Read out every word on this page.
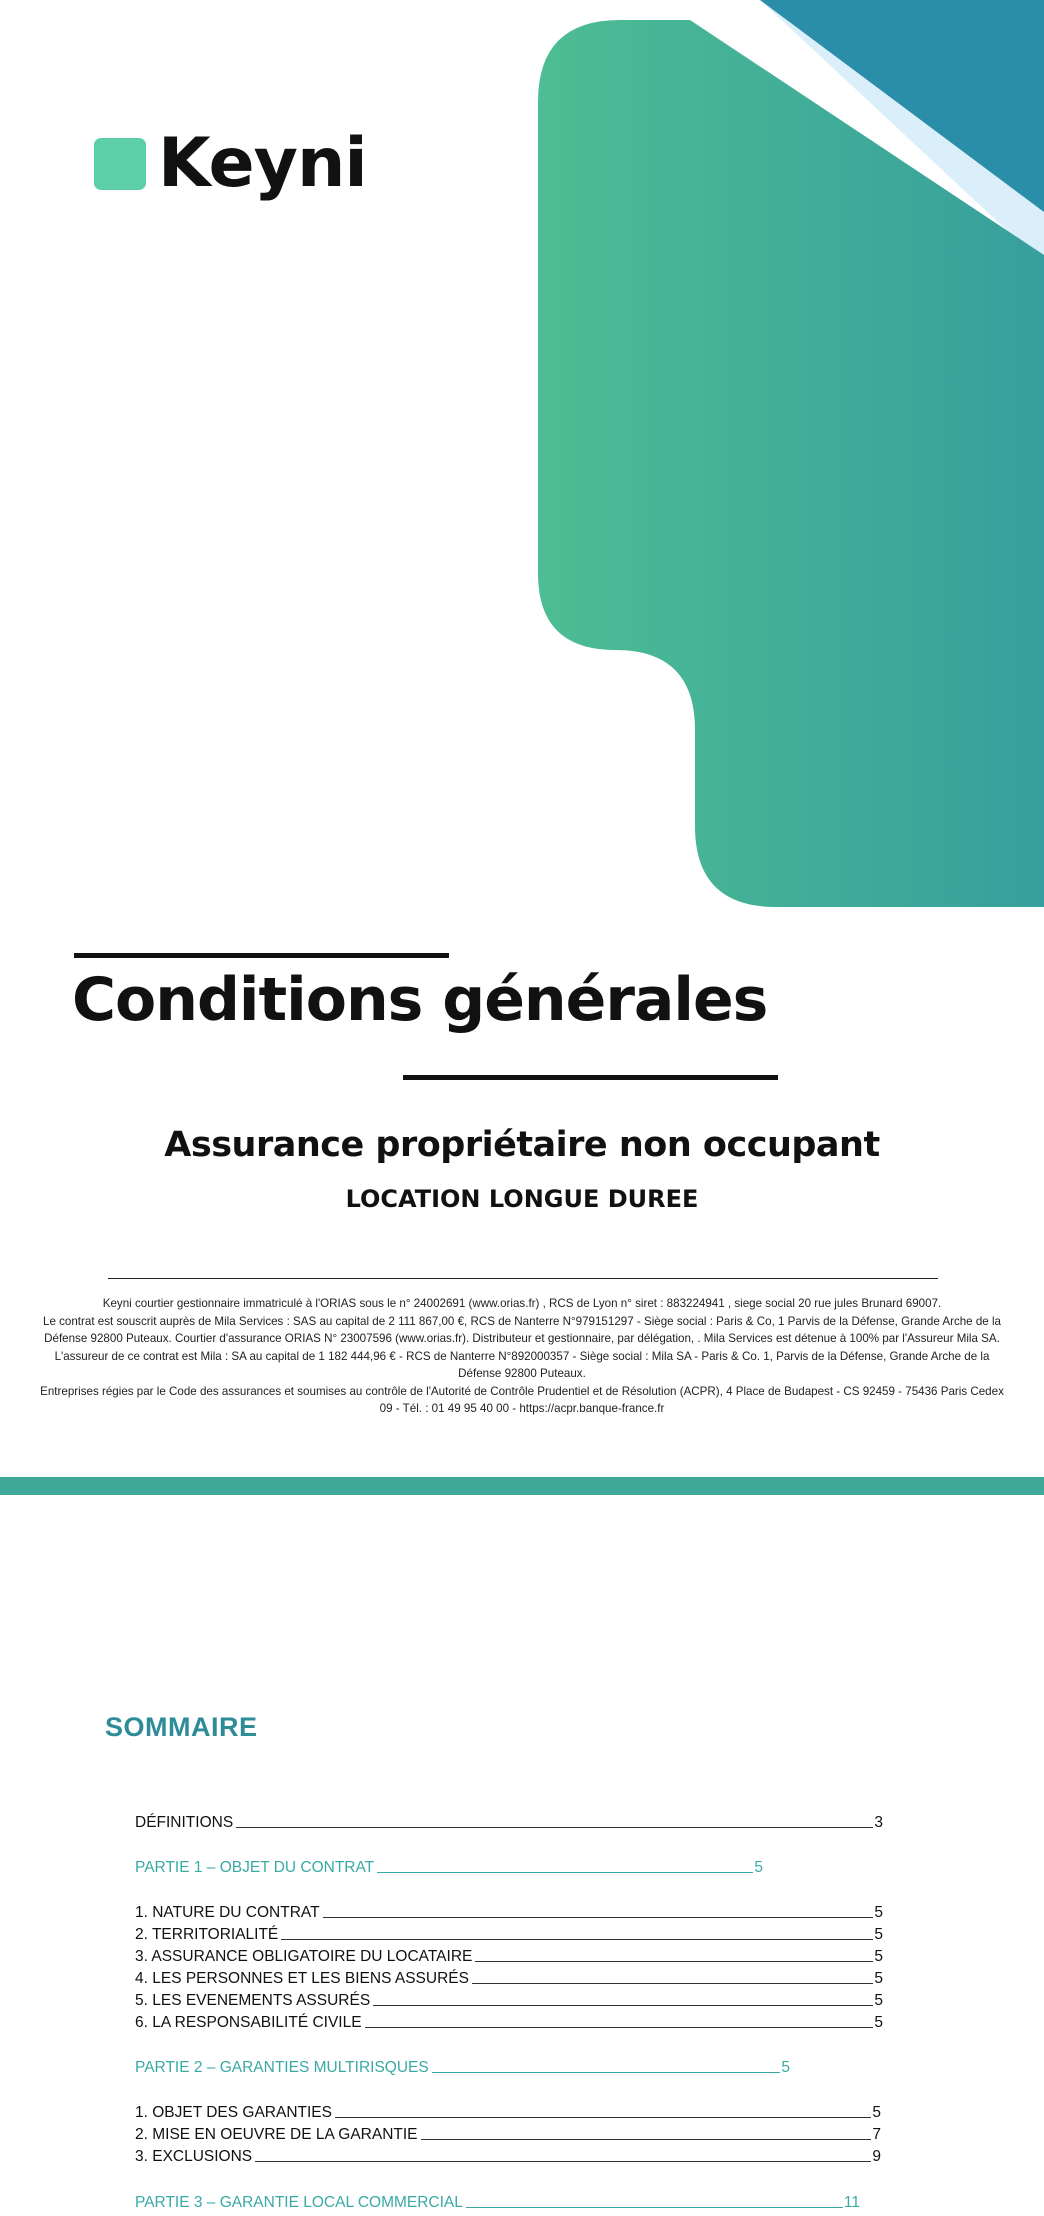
Keyni
Conditions générales
Assurance propriétaire non occupant
LOCATION LONGUE DUREE

Keyni courtier gestionnaire immatriculé à l'ORIAS sous le n° 24002691 (www.orias.fr) , RCS de Lyon n° siret : 883224941 , siege social 20 rue jules Brunard 69007.

Le contrat est souscrit auprès de Mila Services : SAS au capital de 2 111 867,00 €, RCS de Nanterre N°979151297 - Siège social : Paris & Co, 1 Parvis de la Défense, Grande Arche de la Défense 92800 Puteaux. Courtier d'assurance ORIAS N° 23007596 (www.orias.fr). Distributeur et gestionnaire, par délégation, . Mila Services est détenue à 100% par l'Assureur Mila SA.

L'assureur de ce contrat est Mila : SA au capital de 1 182 444,96 € - RCS de Nanterre N°892000357 - Siège social : Mila SA - Paris & Co. 1, Parvis de la Défense, Grande Arche de la Défense 92800 Puteaux.

Entreprises régies par le Code des assurances et soumises au contrôle de l'Autorité de Contrôle Prudentiel et de Résolution (ACPR), 4 Place de Budapest - CS 92459 - 75436 Paris Cedex 09 - Tél. : 01 49 95 40 00 - https://acpr.banque-france.fr

SOMMAIRE
DÉFINITIONS	3
PARTIE 1 – OBJET DU CONTRAT	5
1. NATURE DU CONTRAT	5
2. TERRITORIALITÉ	5
3. ASSURANCE OBLIGATOIRE DU LOCATAIRE	5
4. LES PERSONNES ET LES BIENS ASSURÉS	5
5. LES EVENEMENTS ASSURÉS	5
6. LA RESPONSABILITÉ CIVILE	5
PARTIE 2 – GARANTIES MULTIRISQUES	5
1. OBJET DES GARANTIES	5
2. MISE EN OEUVRE DE LA GARANTIE	7
3. EXCLUSIONS	9
PARTIE 3 – GARANTIE LOCAL COMMERCIAL	11
